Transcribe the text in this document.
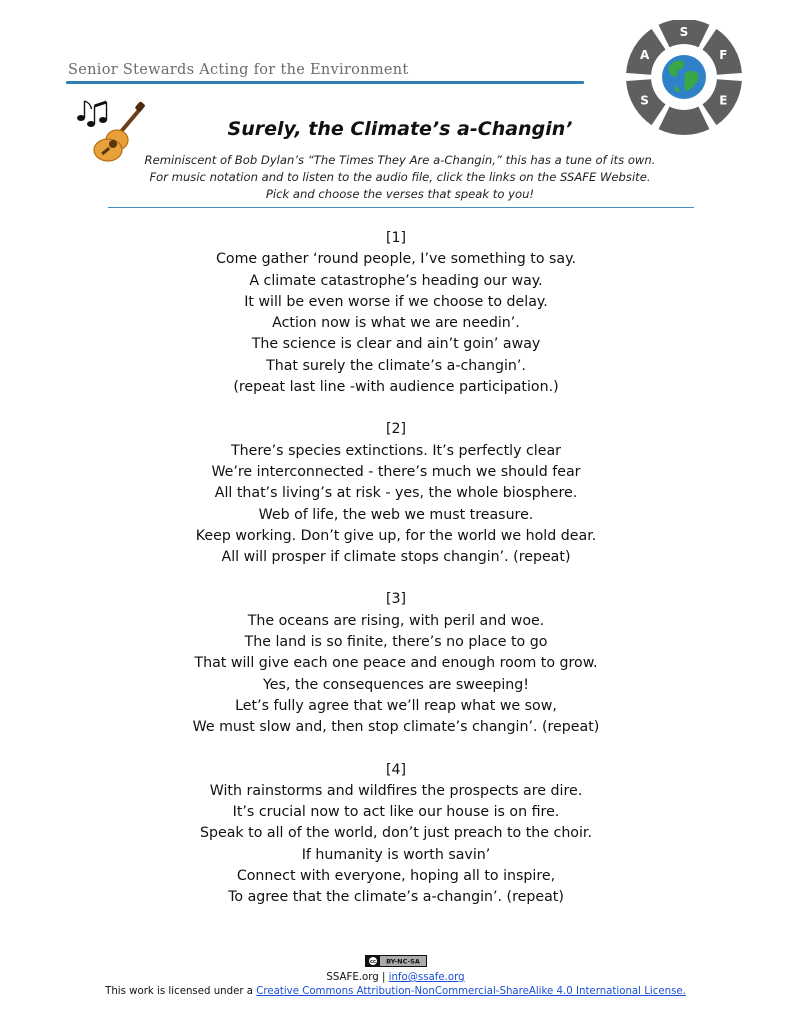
Senior Stewards Acting for the Environment
S
A	F
E
S
Surely, the Climate’s a-Changin’
Reminiscent of Bob Dylan’s “The Times They Are a-Changin,” this has a tune of its own.
For music notation and to listen to the audio file, click the links on the SSAFE Website.
Pick and choose the verses that speak to you!
[1]
Come gather ‘round people, I’ve something to say.
A climate catastrophe’s heading our way.
It will be even worse if we choose to delay.
Action now is what we are needin’.
The science is clear and ain’t goin’ away
That surely the climate’s a-changin’.
(repeat last line -with audience participation.)
[2]
There’s species extinctions. It’s perfectly clear
We’re interconnected - there’s much we should fear
All that’s living’s at risk - yes, the whole biosphere.
Web of life, the web we must treasure.
Keep working. Don’t give up, for the world we hold dear.
All will prosper if climate stops changin’. (repeat)
[3]
The oceans are rising, with peril and woe.
The land is so finite, there’s no place to go
That will give each one peace and enough room to grow.
Yes, the consequences are sweeping!
Let’s fully agree that we’ll reap what we sow,
We must slow and, then stop climate’s changin’. (repeat)
[4]
With rainstorms and wildfires the prospects are dire.
It’s crucial now to act like our house is on fire.
Speak to all of the world, don’t just preach to the choir.
If humanity is worth savin’
Connect with everyone, hoping all to inspire,
To agree that the climate’s a-changin’. (repeat)
cc BY-NC-SA
SSAFE.org | info@ssafe.org
This work is licensed under a Creative Commons Attribution-NonCommercial-ShareAlike 4.0 International License.
